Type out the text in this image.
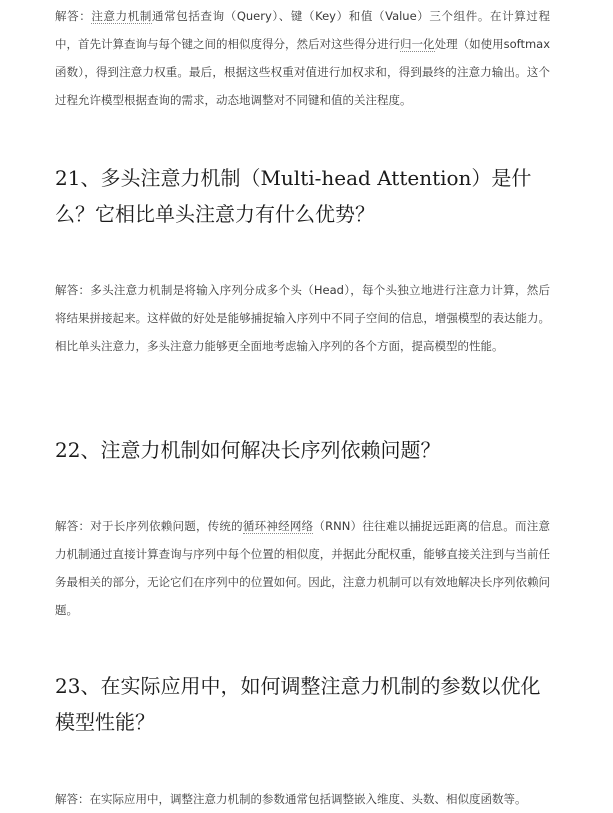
解答：注意力机制通常包括查询（Query）、键（Key）和值（Value）三个组件。在计算过程中，首先计算查询与每个键之间的相似度得分，然后对这些得分进行归一化处理（如使用softmax 函数），得到注意力权重。最后，根据这些权重对值进行加权求和，得到最终的注意力输出。这个过程允许模型根据查询的需求，动态地调整对不同键和值的关注程度。
21、多头注意力机制（Multi-head Attention）是什么？它相比单头注意力有什么优势？
解答：多头注意力机制是将输入序列分成多个头（Head），每个头独立地进行注意力计算，然后将结果拼接起来。这样做的好处是能够捕捉输入序列中不同子空间的信息，增强模型的表达能力。相比单头注意力，多头注意力能够更全面地考虑输入序列的各个方面，提高模型的性能。
22、注意力机制如何解决长序列依赖问题？
解答：对于长序列依赖问题，传统的循环神经网络（RNN）往往难以捕捉远距离的信息。而注意力机制通过直接计算查询与序列中每个位置的相似度，并据此分配权重，能够直接关注到与当前任务最相关的部分，无论它们在序列中的位置如何。因此，注意力机制可以有效地解决长序列依赖问题。
23、在实际应用中，如何调整注意力机制的参数以优化模型性能？
解答：在实际应用中，调整注意力机制的参数通常包括调整嵌入维度、头数、相似度函数等。
